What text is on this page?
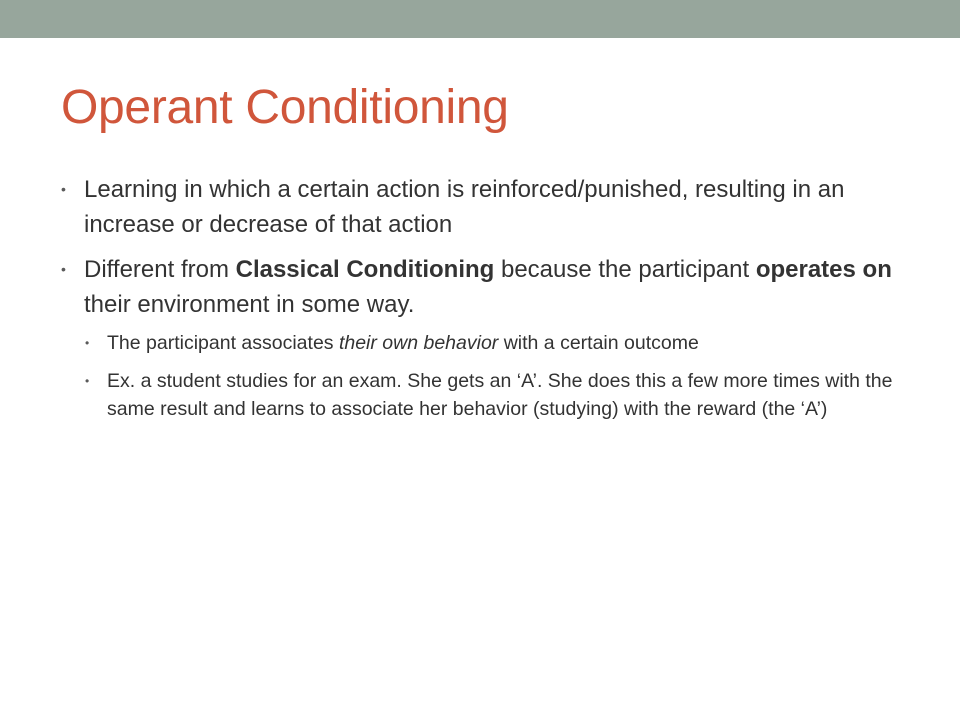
Operant Conditioning
• Learning in which a certain action is reinforced/punished, resulting in an increase or decrease of that action
• Different from Classical Conditioning because the participant operates on their environment in some way.
• The participant associates their own behavior with a certain outcome
• Ex. a student studies for an exam. She gets an ‘A’. She does this a few more times with the same result and learns to associate her behavior (studying) with the reward (the ‘A’)
